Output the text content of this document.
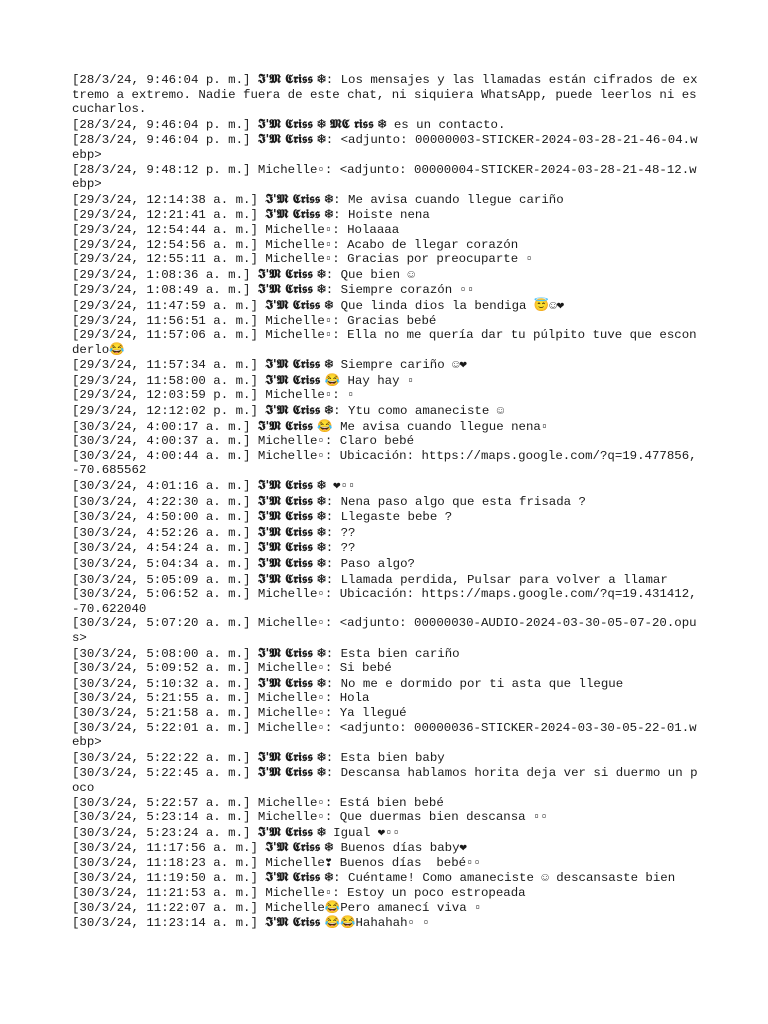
[28/3/24, 9:46:04 p. m.] 𝕴'𝕸 𝕮𝖗𝖎𝖘𝖘 ❄: Los mensajes y las llamadas están cifrados de extremo a extremo. Nadie fuera de este chat, ni siquiera WhatsApp, puede leerlos ni escucharlos.
[28/3/24, 9:46:04 p. m.] 𝕴'𝕸 𝕮𝖗𝖎𝖘𝖘 ❄ 𝕸𝕮 𝖗𝖎𝖘𝖘 ❄ es un contacto.
[28/3/24, 9:46:04 p. m.] 𝕴'𝕸 𝕮𝖗𝖎𝖘𝖘 ❄: <adjunto: 00000003-STICKER-2024-03-28-21-46-04.webp>
[28/3/24, 9:48:12 p. m.] Michelle▫: <adjunto: 00000004-STICKER-2024-03-28-21-48-12.webp>
[29/3/24, 12:14:38 a. m.] 𝕴'𝕸 𝕮𝖗𝖎𝖘𝖘 ❄: Me avisa cuando llegue cariño
[29/3/24, 12:21:41 a. m.] 𝕴'𝕸 𝕮𝖗𝖎𝖘𝖘 ❄: Hoiste nena
[29/3/24, 12:54:44 a. m.] Michelle▫: Holaaaa
[29/3/24, 12:54:56 a. m.] Michelle▫: Acabo de llegar corazón
[29/3/24, 12:55:11 a. m.] Michelle▫: Gracias por preocuparte ▫
[29/3/24, 1:08:36 a. m.] 𝕴'𝕸 𝕮𝖗𝖎𝖘𝖘 ❄: Que bien ☺
[29/3/24, 1:08:49 a. m.] 𝕴'𝕸 𝕮𝖗𝖎𝖘𝖘 ❄: Siempre corazón ▫▫
[29/3/24, 11:47:59 a. m.] 𝕴'𝕸 𝕮𝖗𝖎𝖘𝖘 ❄ Que linda dios la bendiga 😇☺❤
[29/3/24, 11:56:51 a. m.] Michelle▫: Gracias bebé
[29/3/24, 11:57:06 a. m.] Michelle▫: Ella no me quería dar tu púlpito tuve que esconderlo😂
[29/3/24, 11:57:34 a. m.] 𝕴'𝕸 𝕮𝖗𝖎𝖘𝖘 ❄ Siempre cariño ☺❤
[29/3/24, 11:58:00 a. m.] 𝕴'𝕸 𝕮𝖗𝖎𝖘𝖘 😂 Hay hay ▫
[29/3/24, 12:03:59 p. m.] Michelle▫: ▫
[29/3/24, 12:12:02 p. m.] 𝕴'𝕸 𝕮𝖗𝖎𝖘𝖘 ❄: Ytu como amaneciste ☺
[30/3/24, 4:00:17 a. m.] 𝕴'𝕸 𝕮𝖗𝖎𝖘𝖘 😂 Me avisa cuando llegue nena▫
[30/3/24, 4:00:37 a. m.] Michelle▫: Claro bebé
[30/3/24, 4:00:44 a. m.] Michelle▫: Ubicación: https://maps.google.com/?q=19.477856,-70.685562
[30/3/24, 4:01:16 a. m.] 𝕴'𝕸 𝕮𝖗𝖎𝖘𝖘 ❄ ❤▫▫
[30/3/24, 4:22:30 a. m.] 𝕴'𝕸 𝕮𝖗𝖎𝖘𝖘 ❄: Nena paso algo que esta frisada ?
[30/3/24, 4:50:00 a. m.] 𝕴'𝕸 𝕮𝖗𝖎𝖘𝖘 ❄: Llegaste bebe ?
[30/3/24, 4:52:26 a. m.] 𝕴'𝕸 𝕮𝖗𝖎𝖘𝖘 ❄: ??
[30/3/24, 4:54:24 a. m.] 𝕴'𝕸 𝕮𝖗𝖎𝖘𝖘 ❄: ??
[30/3/24, 5:04:34 a. m.] 𝕴'𝕸 𝕮𝖗𝖎𝖘𝖘 ❄: Paso algo?
[30/3/24, 5:05:09 a. m.] 𝕴'𝕸 𝕮𝖗𝖎𝖘𝖘 ❄: Llamada perdida, Pulsar para volver a llamar
[30/3/24, 5:06:52 a. m.] Michelle▫: Ubicación: https://maps.google.com/?q=19.431412,-70.622040
[30/3/24, 5:07:20 a. m.] Michelle▫: <adjunto: 00000030-AUDIO-2024-03-30-05-07-20.opus>
[30/3/24, 5:08:00 a. m.] 𝕴'𝕸 𝕮𝖗𝖎𝖘𝖘 ❄: Esta bien cariño
[30/3/24, 5:09:52 a. m.] Michelle▫: Si bebé
[30/3/24, 5:10:32 a. m.] 𝕴'𝕸 𝕮𝖗𝖎𝖘𝖘 ❄: No me e dormido por ti asta que llegue
[30/3/24, 5:21:55 a. m.] Michelle▫: Hola
[30/3/24, 5:21:58 a. m.] Michelle▫: Ya llegué
[30/3/24, 5:22:01 a. m.] Michelle▫: <adjunto: 00000036-STICKER-2024-03-30-05-22-01.webp>
[30/3/24, 5:22:22 a. m.] 𝕴'𝕸 𝕮𝖗𝖎𝖘𝖘 ❄: Esta bien baby
[30/3/24, 5:22:45 a. m.] 𝕴'𝕸 𝕮𝖗𝖎𝖘𝖘 ❄: Descansa hablamos horita deja ver si duermo un poco
[30/3/24, 5:22:57 a. m.] Michelle▫: Está bien bebé
[30/3/24, 5:23:14 a. m.] Michelle▫: Que duermas bien descansa ▫▫
[30/3/24, 5:23:24 a. m.] 𝕴'𝕸 𝕮𝖗𝖎𝖘𝖘 ❄ Igual ❤▫▫
[30/3/24, 11:17:56 a. m.] 𝕴'𝕸 𝕮𝖗𝖎𝖘𝖘 ❄ Buenos días baby❤
[30/3/24, 11:18:23 a. m.] Michelle❣ Buenos días  bebé▫▫
[30/3/24, 11:19:50 a. m.] 𝕴'𝕸 𝕮𝖗𝖎𝖘𝖘 ❄: Cuéntame! Como amaneciste ☺ descansaste bien
[30/3/24, 11:21:53 a. m.] Michelle▫: Estoy un poco estropeada
[30/3/24, 11:22:07 a. m.] Michelle😂Pero amanecí viva ▫
[30/3/24, 11:23:14 a. m.] 𝕴'𝕸 𝕮𝖗𝖎𝖘𝖘 😂😂Hahahah▫ ▫
